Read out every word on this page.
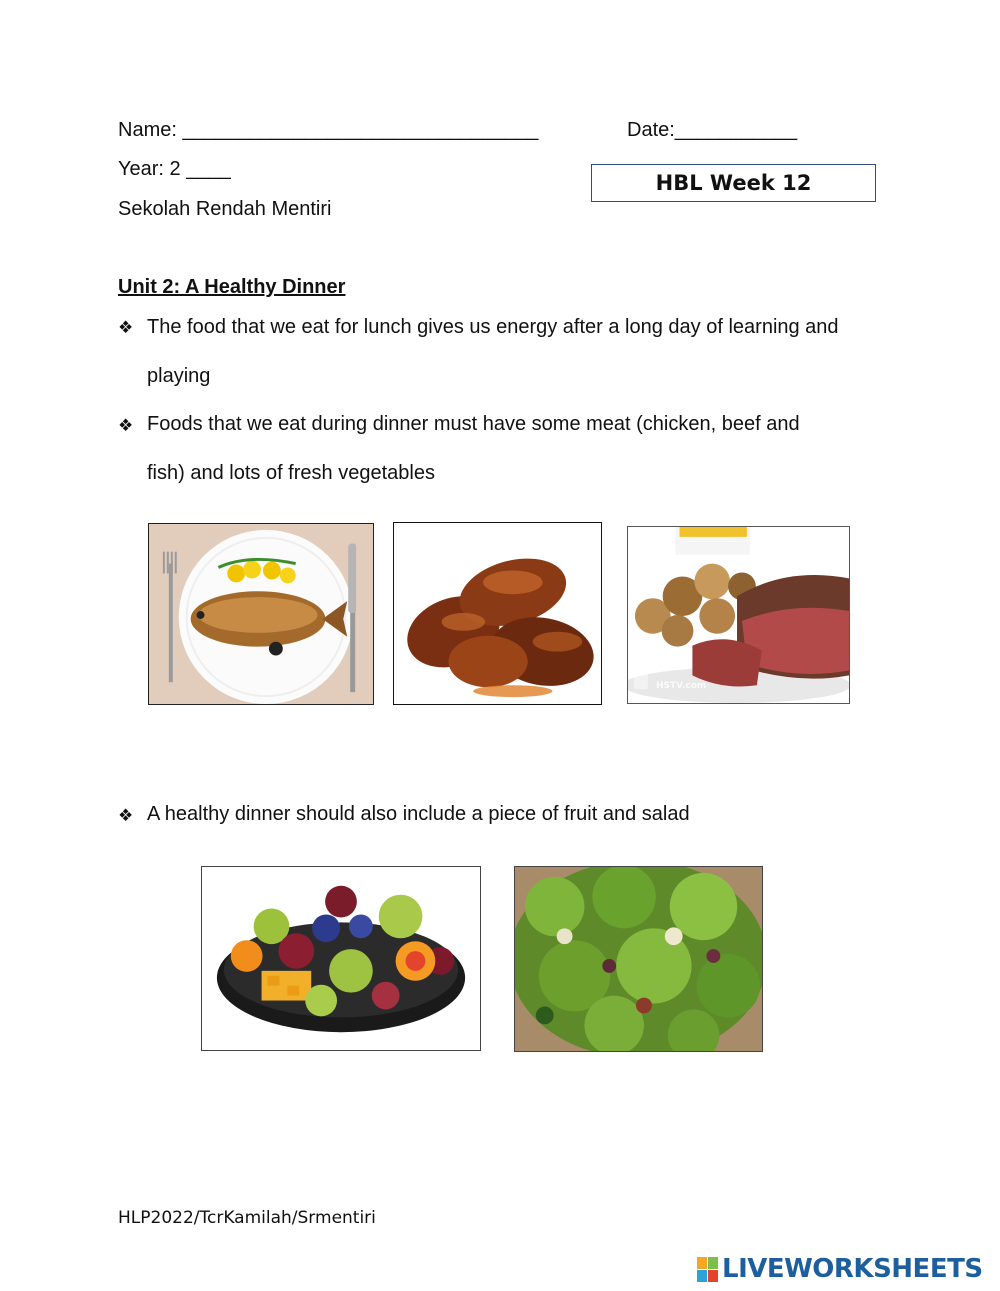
Name: ________________________________	Date:___________
Year: 2 ____
Sekolah Rendah Mentiri
HBL Week 12
Unit 2: A Healthy Dinner
❖ The food that we eat for lunch gives us energy after a long day of learning and
playing
❖ Foods that we eat during dinner must have some meat (chicken, beef and
fish) and lots of fresh vegetables
HSTV.com
❖ A healthy dinner should also include a piece of fruit and salad
HLP2022/TcrKamilah/Srmentiri
LIVEWORKSHEETS
